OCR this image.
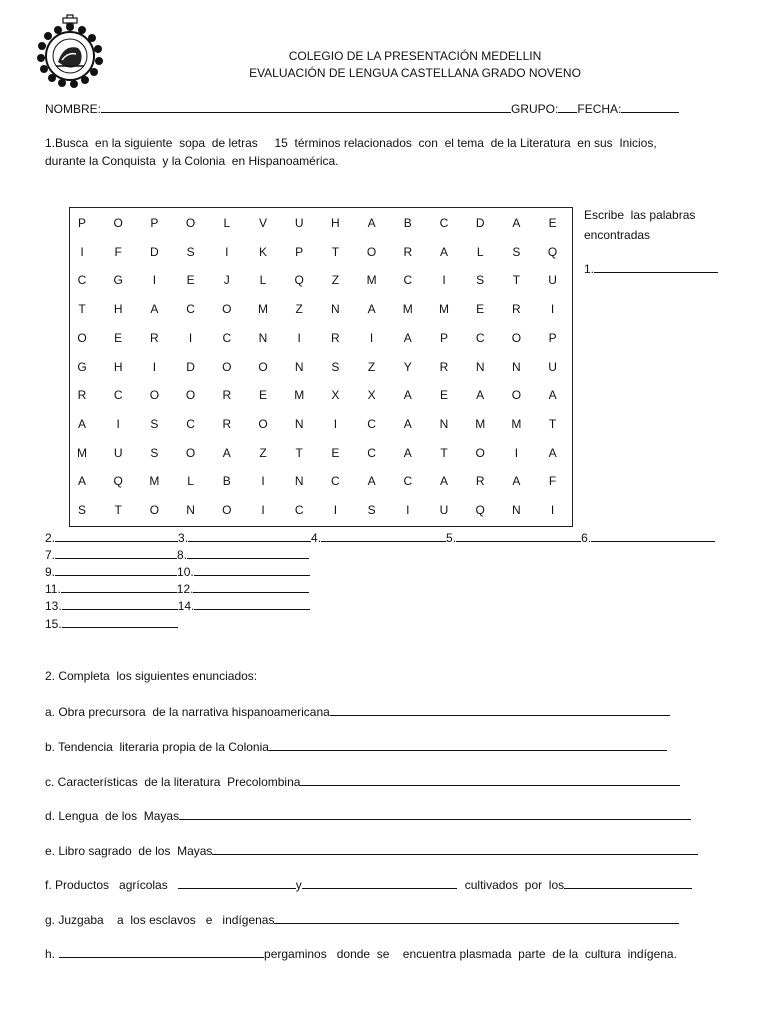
COLEGIO DE LA PRESENTACIÓN MEDELLIN
EVALUACIÓN DE LENGUA CASTELLANA GRADO NOVENO
NOMBRE:	GRUPO: FECHA:
1.Busca  en la siguiente  sopa  de letras     15  términos relacionados  con  el tema  de la Literatura  en sus  Inicios,
durante la Conquista  y la Colonia  en Hispanoamérica.
P	O	P	O	L	V	U	H	A	B	C	D	A	E
I	F	D	S	I	K	P	T	O	R	A	L	S	Q
C	G	I	E	J	L	Q	Z	M	C	I	S	T	U
T	H	A	C	O	M	Z	N	A	M	M	E	R	I
O	E	R	I	C	N	I	R	I	A	P	C	O	P
G	H	I	D	O	O	N	S	Z	Y	R	N	N	U
R	C	O	O	R	E	M	X	X	A	E	A	O	A
A	I	S	C	R	O	N	I	C	A	N	M	M	T
M	U	S	O	A	Z	T	E	C	A	T	O	I	A
A	Q	M	L	B	I	N	C	A	C	A	R	A	F
S	T	O	N	O	I	C	I	S	I	U	Q	N	I
Escribe  las palabras
encontradas
1.
2.	3.	4.	5.	6.
7.	8.
9.	10.
11.	12.
13.	14.
15.
2. Completa  los siguientes enunciados:
a. Obra precursora  de la narrativa hispanoamericana
b. Tendencia  literaria propia de la Colonia
c. Características  de la literatura  Precolombina
d. Lengua  de los  Mayas
e. Libro sagrado  de los  Mayas
f. Productos   agrícolas	y	cultivados  por  los
g. Juzgaba    a  los esclavos   e   indígenas
h.	pergaminos   donde  se    encuentra plasmada  parte  de la  cultura  indígena.
